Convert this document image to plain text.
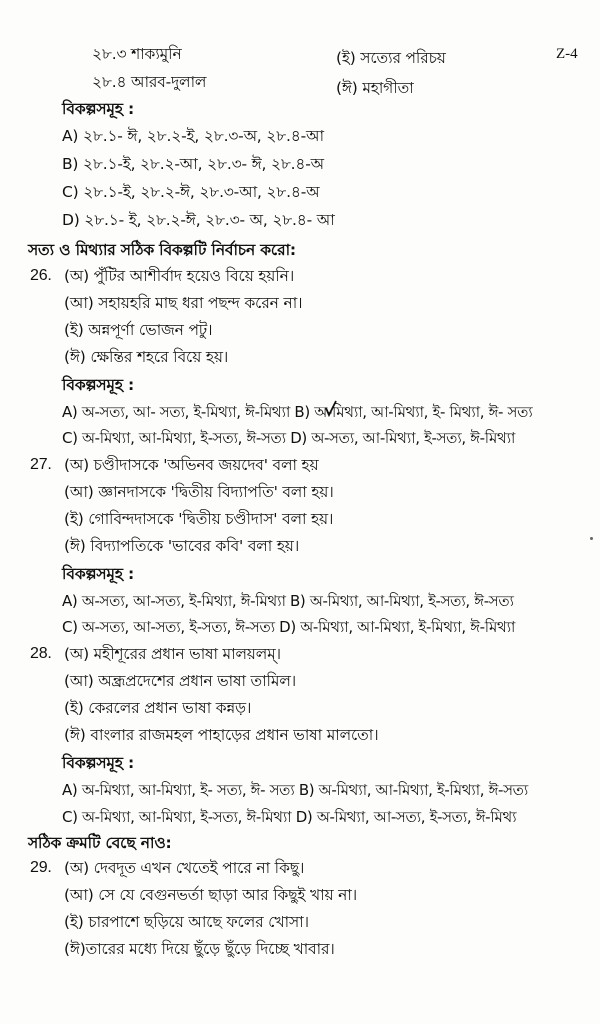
Z-4
২৮.৩ শাক্যমুনি	(ই) সত্যের পরিচয়
২৮.৪ আরব-দুলাল	(ঈ) মহাগীতা
বিকল্পসমূহ :
A) ২৮.১- ঈ, ২৮.২-ই, ২৮.৩-অ, ২৮.৪-আ
B) ২৮.১-ই, ২৮.২-আ, ২৮.৩- ঈ, ২৮.৪-অ
C) ২৮.১-ই, ২৮.২-ঈ, ২৮.৩-আ, ২৮.৪-অ
D) ২৮.১- ই, ২৮.২-ঈ, ২৮.৩- অ, ২৮.৪- আ
সত্য ও মিথ্যার সঠিক বিকল্পটি নির্বাচন করো:
26. (অ) পুঁটির আশীর্বাদ হয়েও বিয়ে হয়নি।
(আ) সহায়হরি মাছ ধরা পছন্দ করেন না।
(ই) অন্নপূর্ণা ভোজন পটু।
(ঈ) ক্ষেন্তির শহরে বিয়ে হয়।
বিকল্পসমূহ :
A) অ-সত্য, আ- সত্য, ই-মিথ্যা, ঈ-মিথ্যা B) অ-মিথ্যা, আ-মিথ্যা, ই- মিথ্যা, ঈ- সত্য
C) অ-মিথ্যা, আ-মিথ্যা, ই-সত্য, ঈ-সত্য D) অ-সত্য, আ-মিথ্যা, ই-সত্য, ঈ-মিথ্যা
27. (অ) চণ্ডীদাসকে 'অভিনব জয়দেব' বলা হয়
(আ) জ্ঞানদাসকে 'দ্বিতীয় বিদ্যাপতি' বলা হয়।
(ই) গোবিন্দদাসকে 'দ্বিতীয় চণ্ডীদাস' বলা হয়।
(ঈ) বিদ্যাপতিকে 'ভাবের কবি' বলা হয়।
বিকল্পসমূহ :
A) অ-সত্য, আ-সত্য, ই-মিথ্যা, ঈ-মিথ্যা B) অ-মিথ্যা, আ-মিথ্যা, ই-সত্য, ঈ-সত্য
C) অ-সত্য, আ-সত্য, ই-সত্য, ঈ-সত্য D) অ-মিথ্যা, আ-মিথ্যা, ই-মিথ্যা, ঈ-মিথ্যা
28. (অ) মহীশূরের প্রধান ভাষা মালয়লম্।
(আ) অন্ধ্রপ্রদেশের প্রধান ভাষা তামিল।
(ই) কেরলের প্রধান ভাষা কন্নড়।
(ঈ) বাংলার রাজমহল পাহাড়ের প্রধান ভাষা মালতো।
বিকল্পসমূহ :
A) অ-মিথ্যা, আ-মিথ্যা, ই- সত্য, ঈ- সত্য B) অ-মিথ্যা, আ-মিথ্যা, ই-মিথ্যা, ঈ-সত্য
C) অ-মিথ্যা, আ-মিথ্যা, ই-সত্য, ঈ-মিথ্যা D) অ-মিথ্যা, আ-সত্য, ই-সত্য, ঈ-মিথ্য
সঠিক ক্রমটি বেছে নাও:
29. (অ) দেবদূত এখন খেতেই পারে না কিছু।
(আ) সে যে বেগুনভর্তা ছাড়া আর কিছুই খায় না।
(ই) চারপাশে ছড়িয়ে আছে ফলের খোসা।
(ঈ)তারের মধ্যে দিয়ে ছুঁড়ে ছুঁড়ে দিচ্ছে খাবার।
